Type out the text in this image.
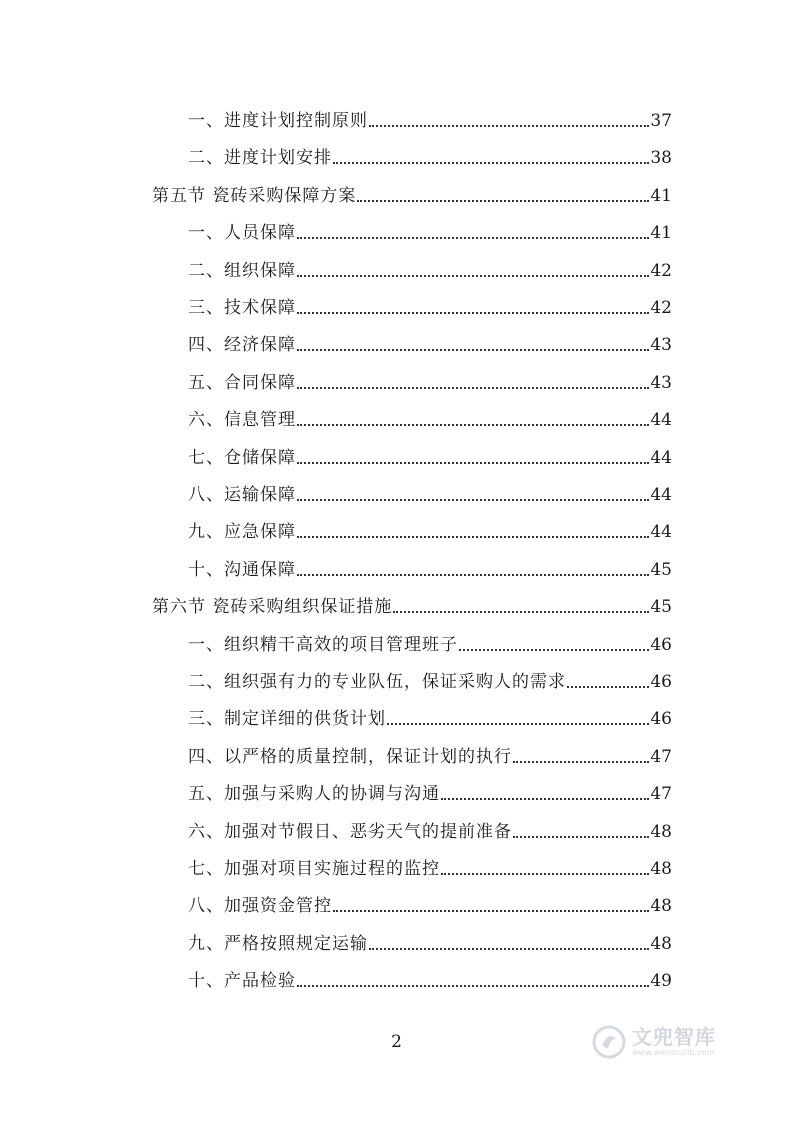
一、进度计划控制原则	37
二、进度计划安排	38
第五节 瓷砖采购保障方案	41
一、人员保障	41
二、组织保障	42
三、技术保障	42
四、经济保障	43
五、合同保障	43
六、信息管理	44
七、仓储保障	44
八、运输保障	44
九、应急保障	44
十、沟通保障	45
第六节 瓷砖采购组织保证措施	45
一、组织精干高效的项目管理班子	46
二、组织强有力的专业队伍，保证采购人的需求	46
三、制定详细的供货计划	46
四、以严格的质量控制，保证计划的执行	47
五、加强与采购人的协调与沟通	47
六、加强对节假日、恶劣天气的提前准备	48
七、加强对项目实施过程的监控	48
八、加强资金管控	48
九、严格按照规定运输	48
十、产品检验	49
2	文兜智库
www.wendoulib.com
